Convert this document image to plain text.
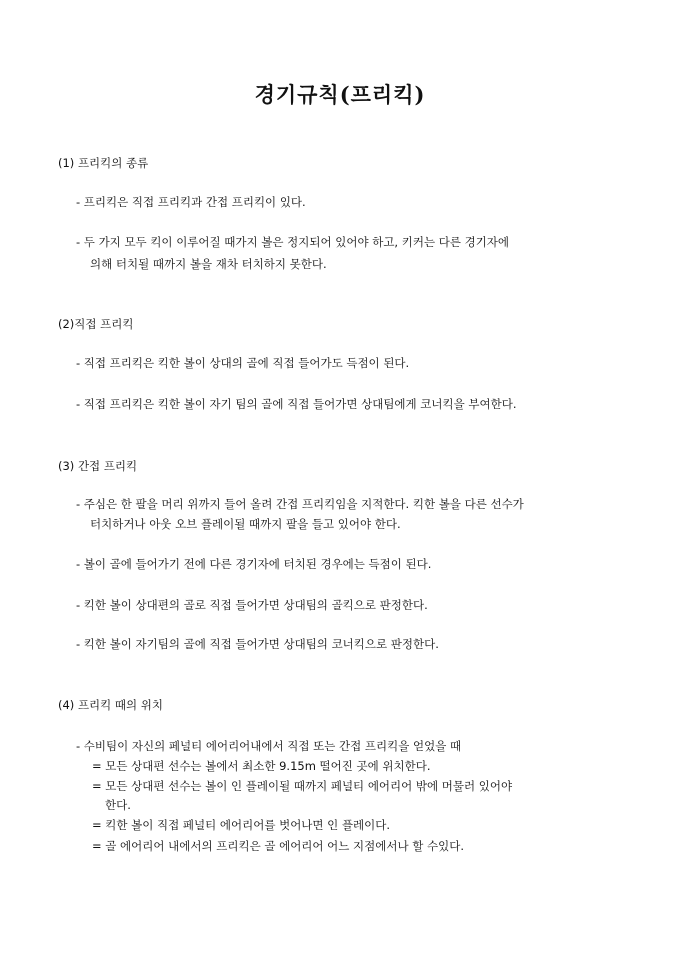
경기규칙(프리킥)
(1) 프리킥의 종류
- 프리킥은 직접 프리킥과 간접 프리킥이 있다.
- 두 가지 모두 킥이 이루어질 때가지 볼은 정지되어 있어야 하고, 키커는 다른 경기자에
의해 터치될 때까지 볼을 재차 터치하지 못한다.
(2)직접 프리킥
- 직접 프리킥은 킥한 볼이 상대의 골에 직접 들어가도 득점이 된다.
- 직접 프리킥은 킥한 볼이 자기 팀의 골에 직접 들어가면 상대팀에게 코너킥을 부여한다.
(3) 간접 프리킥
- 주심은 한 팔을 머리 위까지 들어 올려 간접 프리킥임을 지적한다. 킥한 볼을 다른 선수가
터치하거나 아웃 오브 플레이될 때까지 팔을 들고 있어야 한다.
- 볼이 골에 들어가기 전에 다른 경기자에 터치된 경우에는 득점이 된다.
- 킥한 볼이 상대편의 골로 직접 들어가면 상대팀의 골킥으로 판정한다.
- 킥한 볼이 자기팀의 골에 직접 들어가면 상대팀의 코너킥으로 판정한다.
(4) 프리킥 때의 위치
- 수비팀이 자신의 페널티 에어리어내에서 직접 또는 간접 프리킥을 얻었을 때
= 모든 상대편 선수는 볼에서 최소한 9.15m 떨어진 곳에 위치한다.
= 모든 상대편 선수는 볼이 인 플레이될 때까지 페널티 에어리어 밖에 머물러 있어야
한다.
= 킥한 볼이 직접 페널티 에어리어를 벗어나면 인 플레이다.
= 골 에어리어 내에서의 프리킥은 골 에어리어 어느 지점에서나 할 수있다.
